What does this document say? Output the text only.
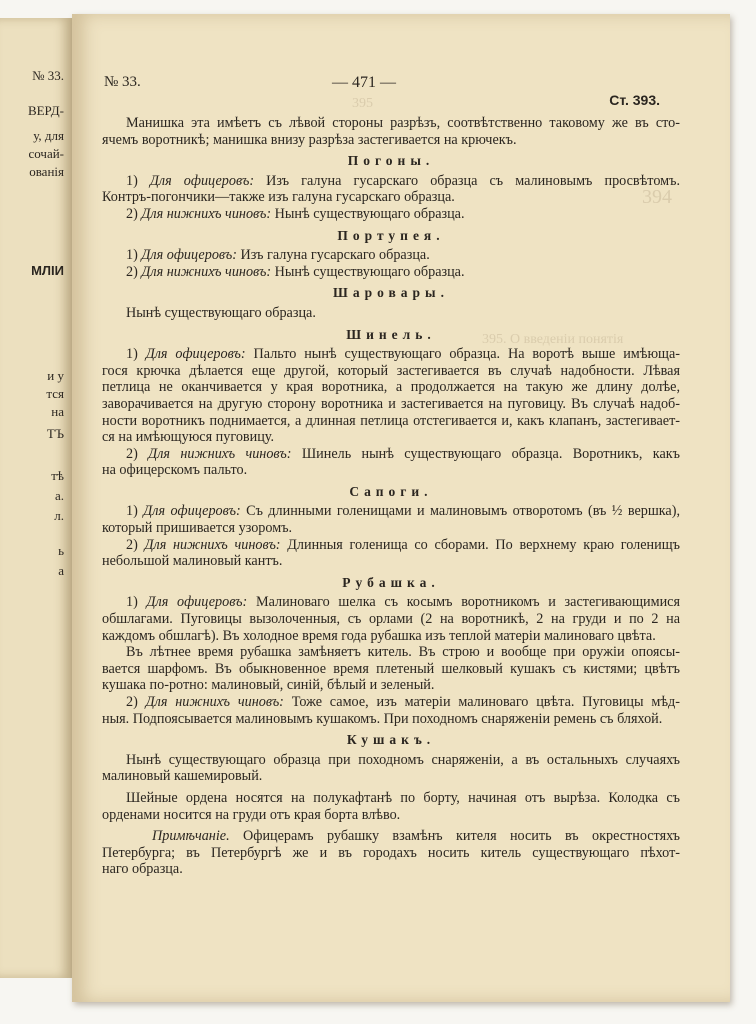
№ 33.
ВЕРД-
у, для
сочай-
ованія
МЛІИ
и у
тся
на
ТЪ
тѣ
а.
л.
ь
а
395
394
395. О введеніи понятія
№ 33.	— 471 —
Ст. 393.
Манишка эта имѣетъ съ лѣвой стороны разрѣзъ, соотвѣтственно таковому же въ сто-
ячемъ воротникѣ; манишка внизу разрѣза застегивается на крючекъ.
Погоны.
1) Для офицеровъ: Изъ галуна гусарскаго образца съ малиновымъ просвѣтомъ.
Контръ-погончики—также изъ галуна гусарскаго образца.
2) Для нижнихъ чиновъ: Нынѣ существующаго образца.
Портупея.
1) Для офицеровъ: Изъ галуна гусарскаго образца.
2) Для нижнихъ чиновъ: Нынѣ существующаго образца.
Шаровары.
Нынѣ существующаго образца.
Шинель.
1) Для офицеровъ: Пальто нынѣ существующаго образца. На воротѣ выше имѣюща-
гося крючка дѣлается еще другой, который застегивается въ случаѣ надобности. Лѣвая
петлица не оканчивается у края воротника, а продолжается на такую же длину долѣе,
заворачивается на другую сторону воротника и застегивается на пуговицу. Въ случаѣ надоб-
ности воротникъ поднимается, а длинная петлица отстегивается и, какъ клапанъ, застегивает-
ся на имѣющуюся пуговицу.
2) Для нижнихъ чиновъ: Шинель нынѣ существующаго образца. Воротникъ, какъ
на офицерскомъ пальто.
Сапоги.
1) Для офицеровъ: Съ длинными голенищами и малиновымъ отворотомъ (въ ½ вершка),
который пришивается узоромъ.
2) Для нижнихъ чиновъ: Длинныя голенища со сборами. По верхнему краю голенищъ
небольшой малиновый кантъ.
Рубашка.
1) Для офицеровъ: Малиноваго шелка съ косымъ воротникомъ и застегивающимися
обшлагами. Пуговицы вызолоченныя, съ орлами (2 на воротникѣ, 2 на груди и по 2 на
каждомъ обшлагѣ). Въ холодное время года рубашка изъ теплой матеріи малиноваго цвѣта.
Въ лѣтнее время рубашка замѣняетъ китель. Въ строю и вообще при оружіи опоясы-
вается шарфомъ. Въ обыкновенное время плетеный шелковый кушакъ съ кистями; цвѣтъ
кушака по-ротно: малиновый, синій, бѣлый и зеленый.
2) Для нижнихъ чиновъ: Тоже самое, изъ матеріи малиноваго цвѣта. Пуговицы мѣд-
ныя. Подпоясывается малиновымъ кушакомъ. При походномъ снаряженіи ремень съ бляхой.
Кушакъ.
Нынѣ существующаго образца при походномъ снаряженіи, а въ остальныхъ случаяхъ
малиновый кашемировый.
Шейные ордена носятся на полукафтанѣ по борту, начиная отъ вырѣза. Колодка съ
орденами носится на груди отъ края борта влѣво.
Примѣчаніе. Офицерамъ рубашку взамѣнъ кителя носить въ окрестностяхъ
Петербурга; въ Петербургѣ же и въ городахъ носить китель существующаго пѣхот-
наго образца.
